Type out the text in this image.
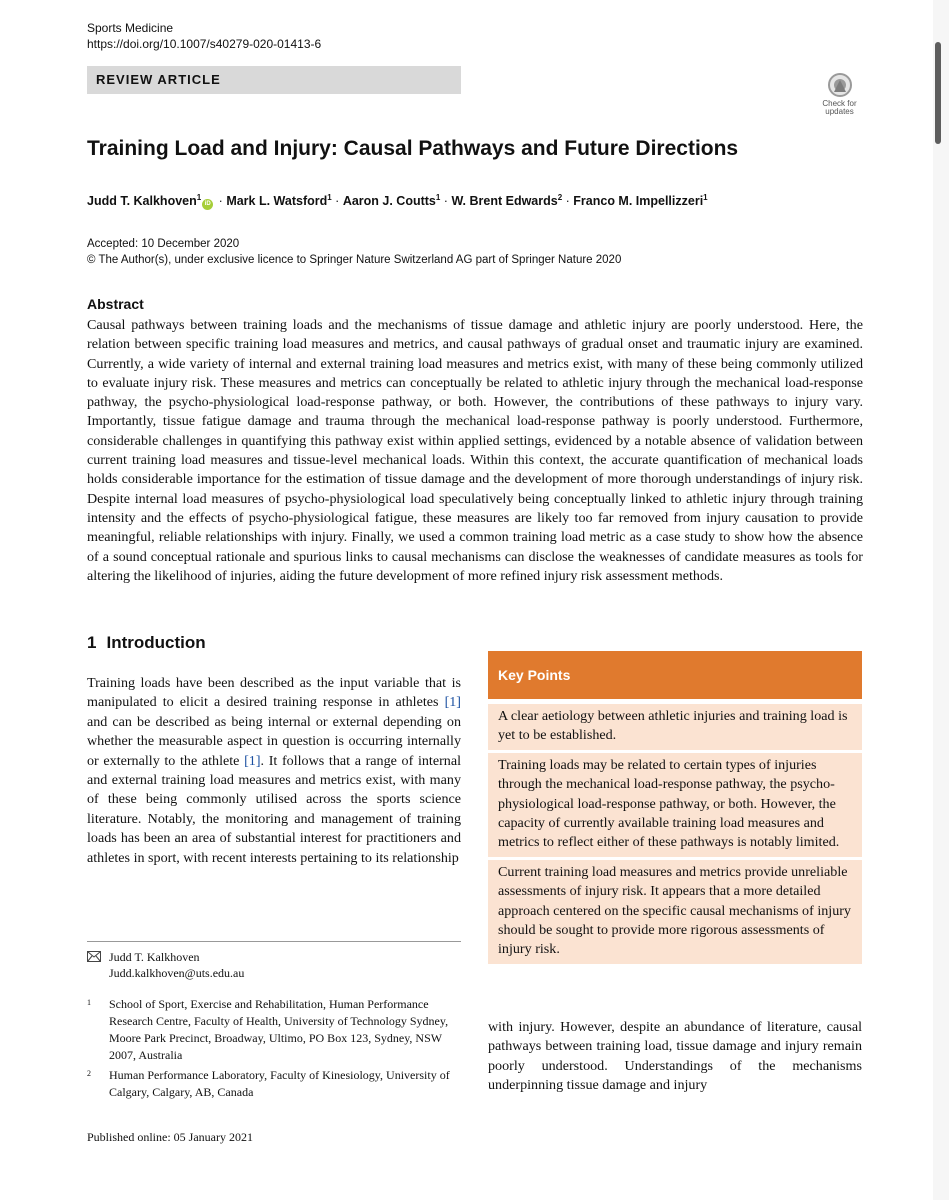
Sports Medicine
https://doi.org/10.1007/s40279-020-01413-6
REVIEW ARTICLE
Check for
updates
Training Load and Injury: Causal Pathways and Future Directions
Judd T. Kalkhoven$^1$iD · Mark L. Watsford$^1$ · Aaron J. Coutts$^1$ · W. Brent Edwards$^2$ · Franco M. Impellizzeri$^1$
Accepted: 10 December 2020
© The Author(s), under exclusive licence to Springer Nature Switzerland AG part of Springer Nature 2020
Abstract
Causal pathways between training loads and the mechanisms of tissue damage and athletic injury are poorly understood. Here, the relation between specific training load measures and metrics, and causal pathways of gradual onset and traumatic injury are examined. Currently, a wide variety of internal and external training load measures and metrics exist, with many of these being commonly utilized to evaluate injury risk. These measures and metrics can conceptually be related to athletic injury through the mechanical load-response pathway, the psycho-physiological load-response pathway, or both. However, the contributions of these pathways to injury vary. Importantly, tissue fatigue damage and trauma through the mechanical load-response pathway is poorly understood. Furthermore, considerable challenges in quantifying this pathway exist within applied settings, evidenced by a notable absence of validation between current training load measures and tissue-level mechanical loads. Within this context, the accurate quantification of mechanical loads holds considerable importance for the estimation of tissue damage and the development of more thorough understandings of injury risk. Despite internal load measures of psycho-physiological load speculatively being conceptually linked to athletic injury through training intensity and the effects of psycho-physiological fatigue, these measures are likely too far removed from injury causation to provide meaningful, reliable relationships with injury. Finally, we used a common training load metric as a case study to show how the absence of a sound conceptual rationale and spurious links to causal mechanisms can disclose the weaknesses of candidate measures as tools for altering the likelihood of injuries, aiding the future development of more refined injury risk assessment methods.
1 Introduction
Training loads have been described as the input variable that is manipulated to elicit a desired training response in athletes [1] and can be described as being internal or external depending on whether the measurable aspect in question is occurring internally or externally to the athlete [1]. It follows that a range of internal and external training load measures and metrics exist, with many of these being commonly utilised across the sports science literature. Notably, the monitoring and management of training loads has been an area of substantial interest for practitioners and athletes in sport, with recent interests pertaining to its relationship
Judd T. Kalkhoven
Judd.kalkhoven@uts.edu.au
1 School of Sport, Exercise and Rehabilitation, Human Performance Research Centre, Faculty of Health, University of Technology Sydney, Moore Park Precinct, Broadway, Ultimo, PO Box 123, Sydney, NSW 2007, Australia
2 Human Performance Laboratory, Faculty of Kinesiology, University of Calgary, Calgary, AB, Canada
Published online: 05 January 2021
Key Points
A clear aetiology between athletic injuries and training load is yet to be established.
Training loads may be related to certain types of injuries through the mechanical load-response pathway, the psycho-physiological load-response pathway, or both. However, the capacity of currently available training load measures and metrics to reflect either of these pathways is notably limited.
Current training load measures and metrics provide unreliable assessments of injury risk. It appears that a more detailed approach centered on the specific causal mechanisms of injury should be sought to provide more rigorous assessments of injury risk.
with injury. However, despite an abundance of literature, causal pathways between training load, tissue damage and injury remain poorly understood. Understandings of the mechanisms underpinning tissue damage and injury
